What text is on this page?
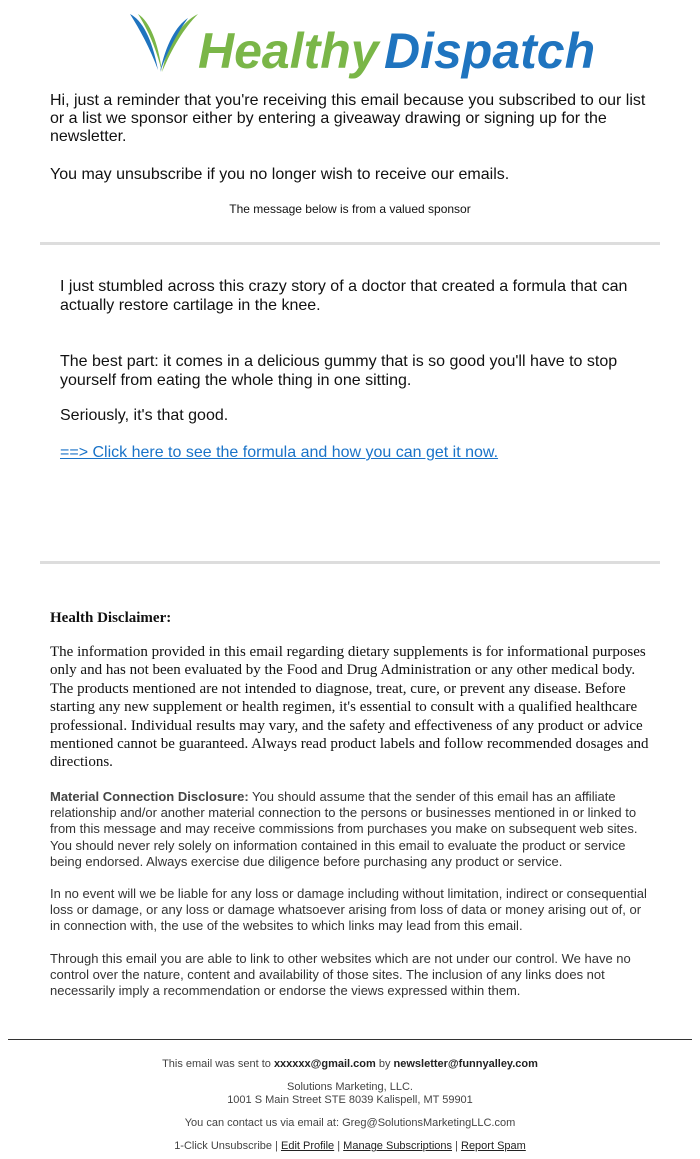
Healthy Dispatch

Hi, just a reminder that you're receiving this email because you subscribed to our list or a list we sponsor either by entering a giveaway drawing or signing up for the newsletter.

You may unsubscribe if you no longer wish to receive our emails.

The message below is from a valued sponsor

I just stumbled across this crazy story of a doctor that created a formula that can actually restore cartilage in the knee.

The best part: it comes in a delicious gummy that is so good you'll have to stop yourself from eating the whole thing in one sitting.

Seriously, it's that good.

==> Click here to see the formula and how you can get it now.

Health Disclaimer:

The information provided in this email regarding dietary supplements is for informational purposes only and has not been evaluated by the Food and Drug Administration or any other medical body. The products mentioned are not intended to diagnose, treat, cure, or prevent any disease. Before starting any new supplement or health regimen, it's essential to consult with a qualified healthcare professional. Individual results may vary, and the safety and effectiveness of any product or advice mentioned cannot be guaranteed. Always read product labels and follow recommended dosages and directions.

Material Connection Disclosure: You should assume that the sender of this email has an affiliate relationship and/or another material connection to the persons or businesses mentioned in or linked to from this message and may receive commissions from purchases you make on subsequent web sites. You should never rely solely on information contained in this email to evaluate the product or service being endorsed. Always exercise due diligence before purchasing any product or service.

In no event will we be liable for any loss or damage including without limitation, indirect or consequential loss or damage, or any loss or damage whatsoever arising from loss of data or money arising out of, or in connection with, the use of the websites to which links may lead from this email.

Through this email you are able to link to other websites which are not under our control. We have no control over the nature, content and availability of those sites. The inclusion of any links does not necessarily imply a recommendation or endorse the views expressed within them.

This email was sent to xxxxxx@gmail.com by newsletter@funnyalley.com
Solutions Marketing, LLC.
1001 S Main Street STE 8039 Kalispell, MT 59901
You can contact us via email at: Greg@SolutionsMarketingLLC.com
1-Click Unsubscribe | Edit Profile | Manage Subscriptions | Report Spam
